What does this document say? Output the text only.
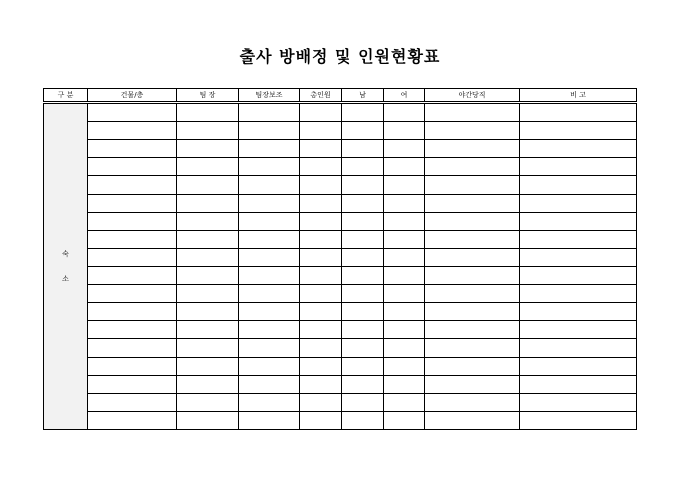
출사 방배정 및 인원현황표
구 분	건물/층	팀 장	팀장보조	총인원	남	여	야간당직	비 고

숙
소								
